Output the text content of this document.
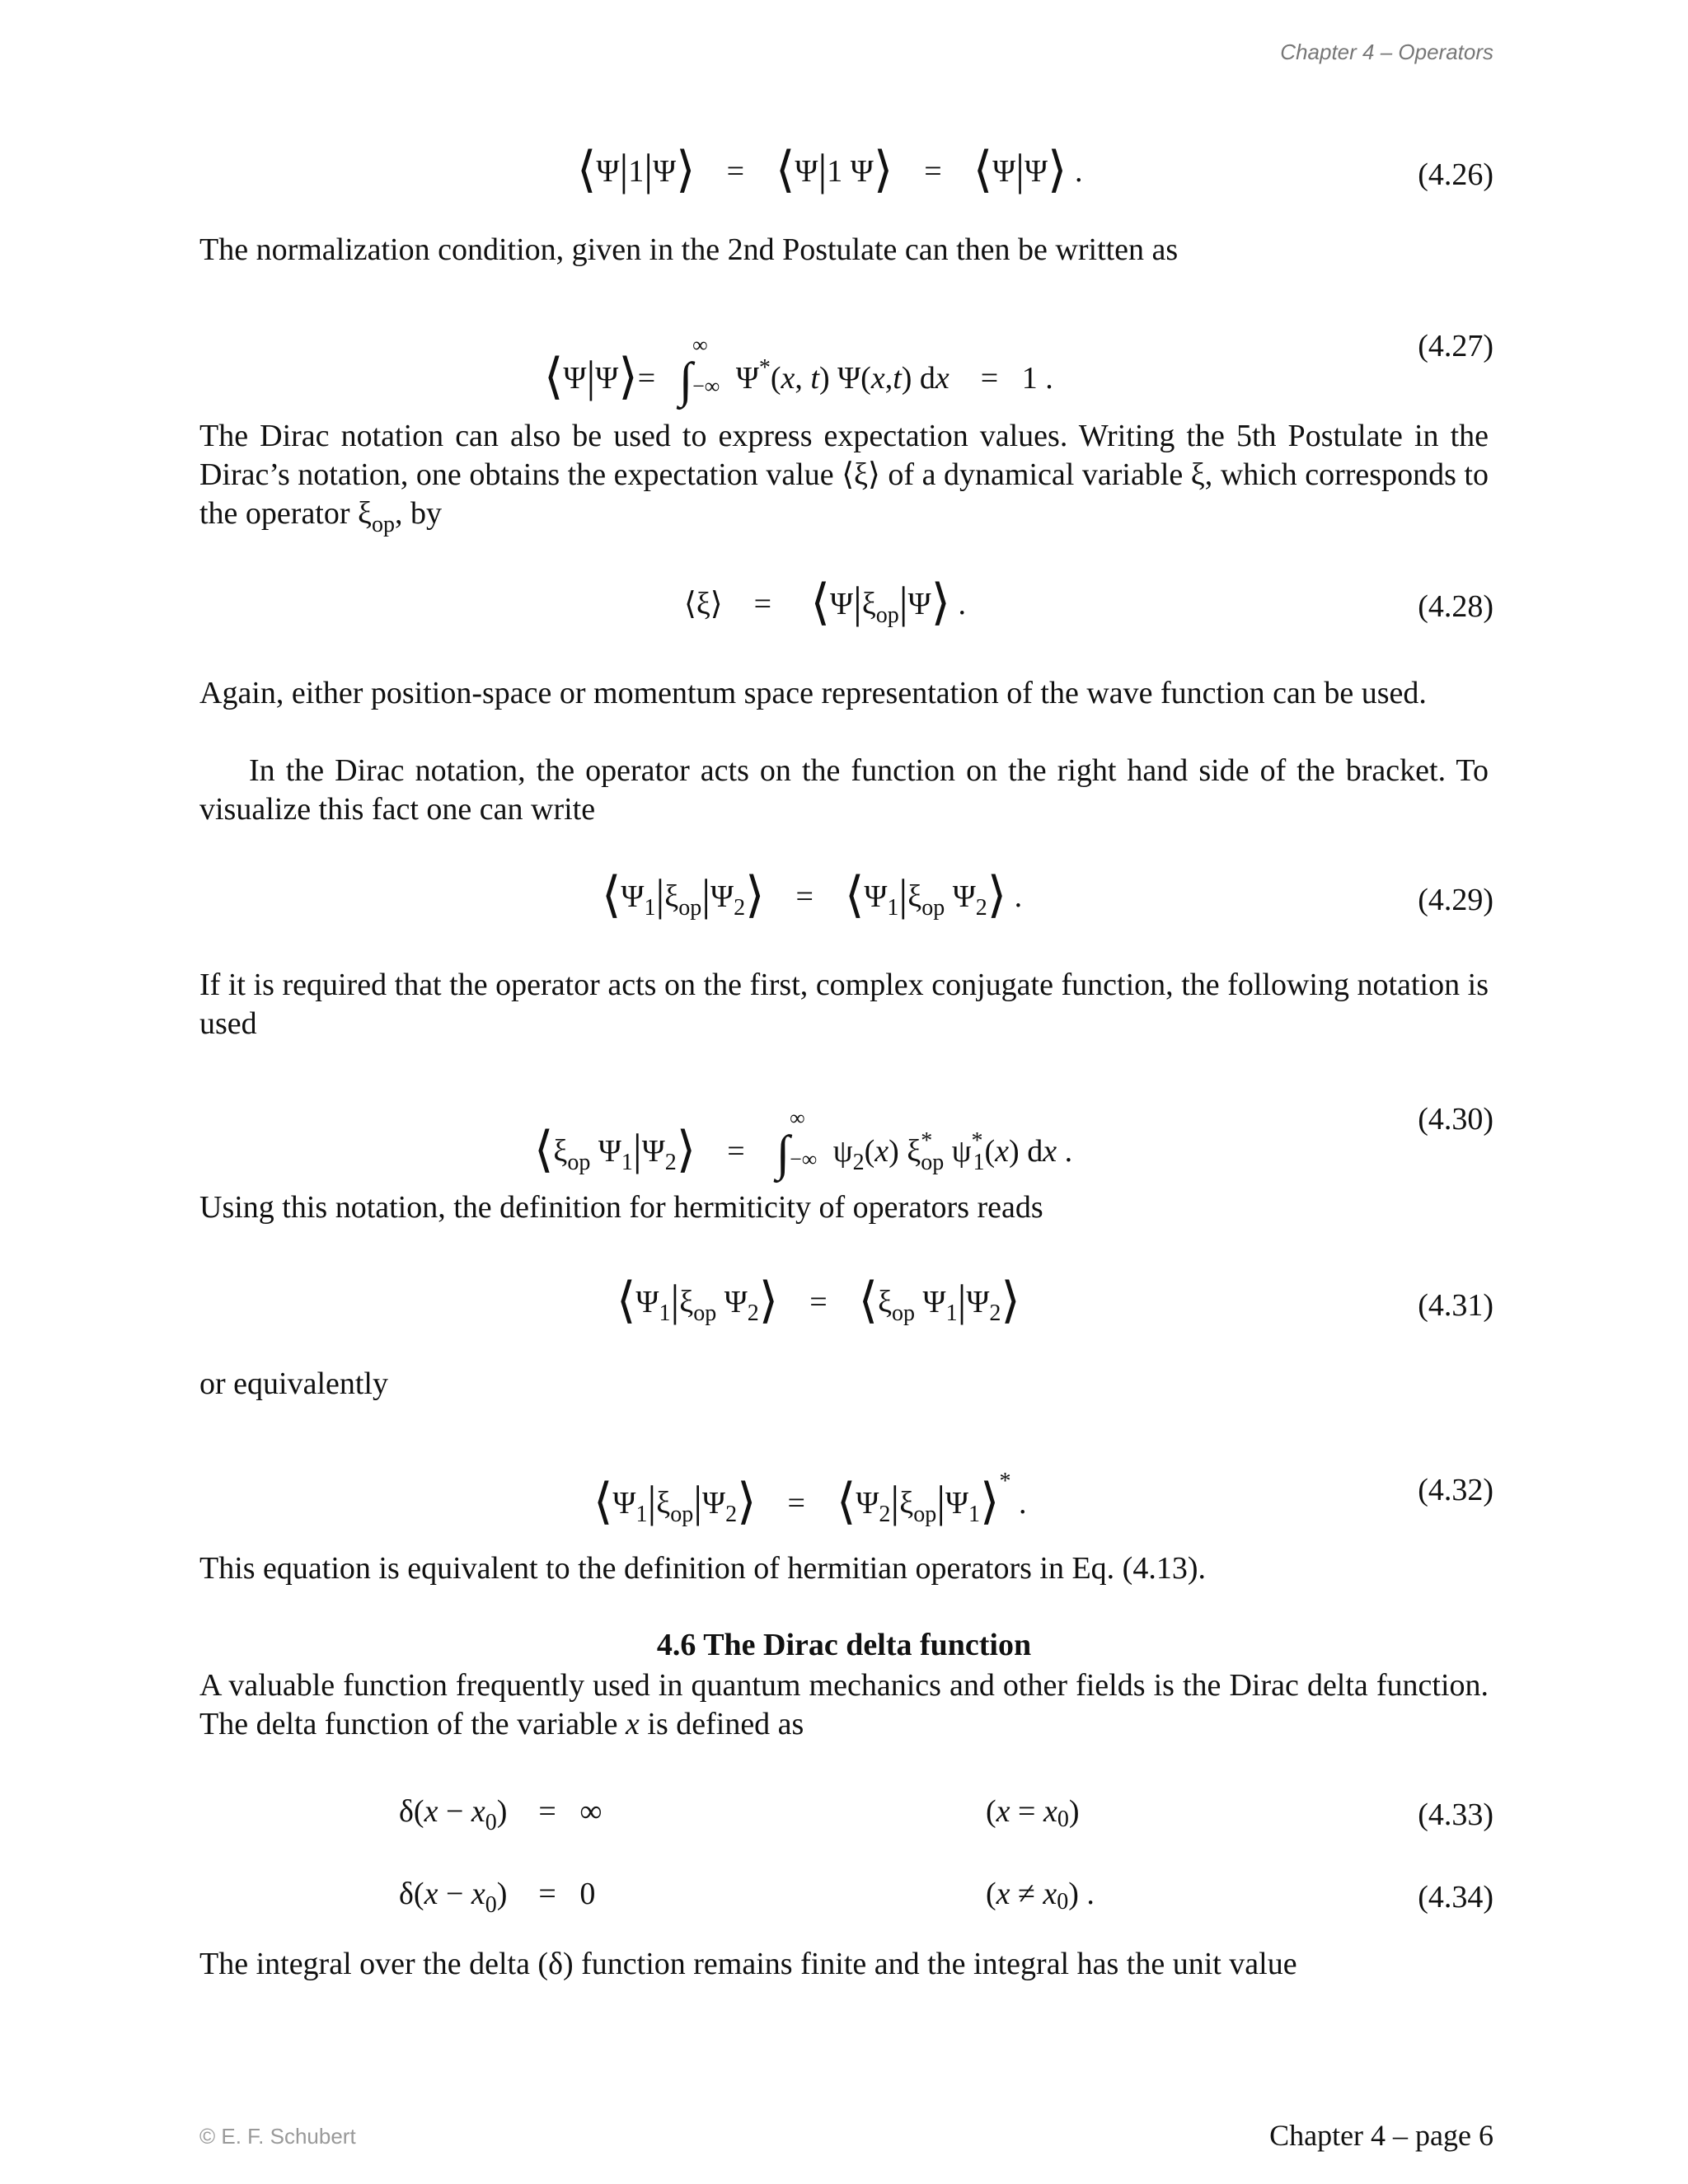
Chapter 4 – Operators
⟨Ψ|1|Ψ⟩    =    ⟨Ψ|1 Ψ⟩    =    ⟨Ψ|Ψ⟩ .	(4.26)
The normalization condition, given in the 2nd Postulate can then be written as
⟨Ψ|Ψ⟩=   ∫
∞
−∞ Ψ*(x, t) Ψ(x,t) dx    =   1 .
(4.27)
The Dirac notation can also be used to express expectation values. Writing the 5th Postulate in the Dirac’s notation, one obtains the expectation value ⟨ξ⟩ of a dynamical variable ξ, which corresponds to the operator $\xi_{op}$, by
⟨ξ⟩    =     $⟨\Psi|\xi_{op}|\Psi⟩$ .	(4.28)
Again, either position-space or momentum space representation of the wave function can be used.
In the Dirac notation, the operator acts on the function on the right hand side of the bracket. To visualize this fact one can write
$⟨\Psi_1|\xi_{op}|\Psi_2⟩$    =    $⟨\Psi_1|\xi_{op}$ $\Psi_2⟩$ .	(4.29)
If it is required that the operator acts on the first, complex conjugate function, the following notation is used
$⟨\xi_{op}$ $\Psi_1|\Psi_2⟩$    =    ∫
∞
−∞ $\psi_2(x)$ $\xi^*_{op}$ $\psi^*_1(x)$ dx .
(4.30)
Using this notation, the definition for hermiticity of operators reads
$⟨\Psi_1|\xi_{op}$ $\Psi_2⟩$    =    $⟨\xi_{op}$ $\Psi_1|\Psi_2⟩$	(4.31)
or equivalently
$⟨\Psi_1|\xi_{op}|\Psi_2⟩$    =    $⟨\Psi_2|\xi_{op}|\Psi_1⟩^*$ .	(4.32)
This equation is equivalent to the definition of hermitian operators in Eq. (4.13).
4.6 The Dirac delta function
A valuable function frequently used in quantum mechanics and other fields is the Dirac delta function. The delta function of the variable x is defined as
$\delta(x - x_0)$    =   ∞	$(x = x_0)$	(4.33)
$\delta(x - x_0)$    =   0	$(x \ne x_0)$ .	(4.34)
The integral over the delta (δ) function remains finite and the integral has the unit value
© E. F. Schubert	Chapter 4 – page 6
